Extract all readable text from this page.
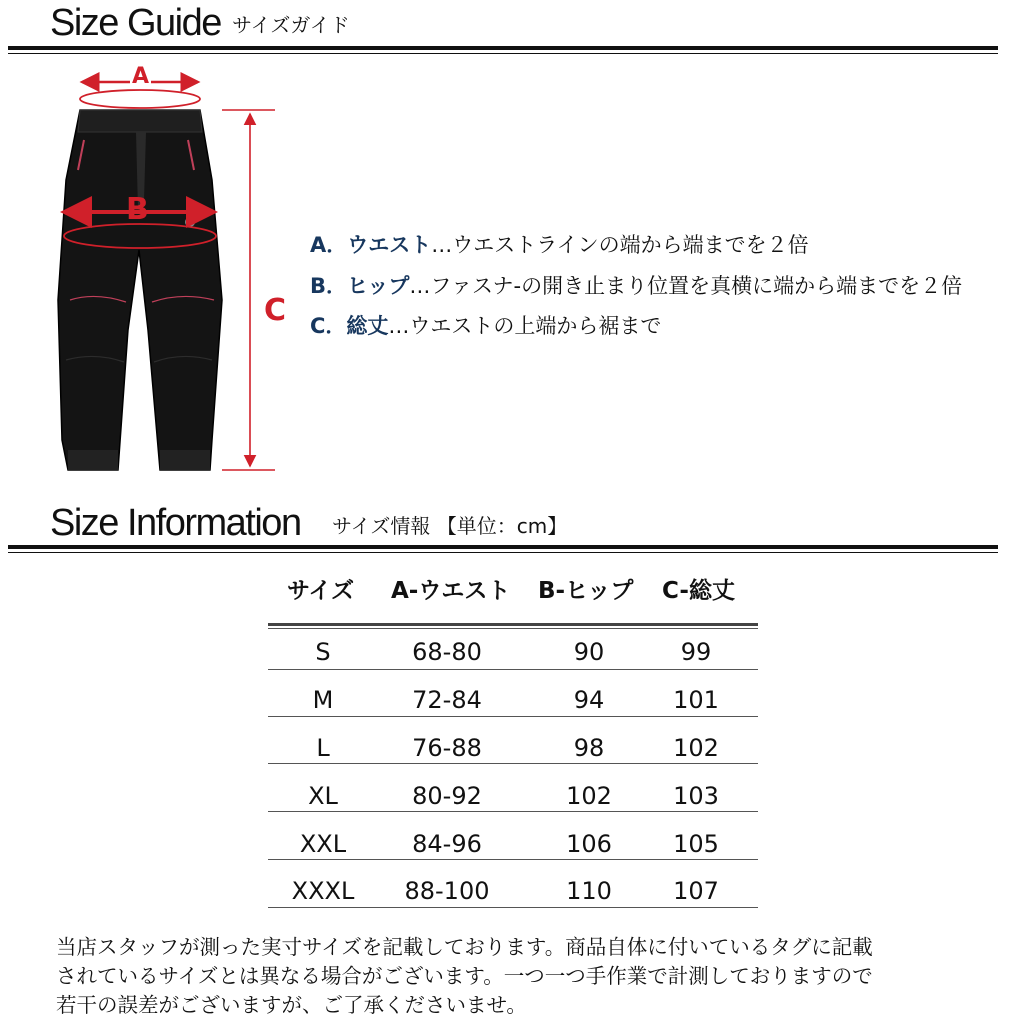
Size Guide サイズガイド
A
B
C
A．ウエスト…ウエストラインの端から端までを２倍
B．ヒップ…ファスナ-の開き止まり位置を真横に端から端までを２倍
C．総丈…ウエストの上端から裾まで
Size Information サイズ情報 【単位：cm】
サイズ A-ウエスト B-ヒップ C-総丈
S	68-80	90	99
M	72-84	94	101
L	76-88	98	102
XL	80-92	102	103
XXL	84-96	106	105
XXXL	88-100	110	107
当店スタッフが測った実寸サイズを記載しております。商品自体に付いているタグに記載
されているサイズとは異なる場合がございます。一つ一つ手作業で計測しておりますので
若干の誤差がございますが、ご了承くださいませ。
